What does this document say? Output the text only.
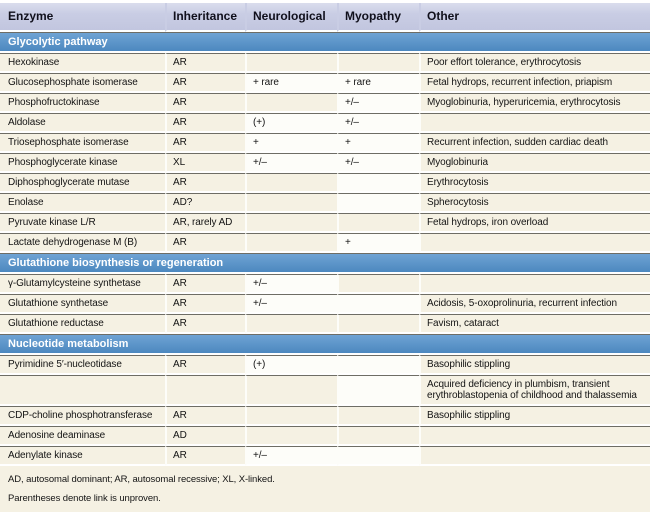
Enzyme	Inheritance	Neurological	Myopathy	Other
Glycolytic pathway				
Hexokinase	AR			Poor effort tolerance, erythrocytosis
Glucosephosphate isomerase	AR	+ rare	+ rare	Fetal hydrops, recurrent infection, priapism
Phosphofructokinase	AR		+/–	Myoglobinuria, hyperuricemia, erythrocytosis
Aldolase	AR	(+)	+/–	
Triosephosphate isomerase	AR	+	+	Recurrent infection, sudden cardiac death
Phosphoglycerate kinase	XL	+/–	+/–	Myoglobinuria
Diphosphoglycerate mutase	AR			Erythrocytosis
Enolase	AD?			Spherocytosis
Pyruvate kinase L/R	AR, rarely AD			Fetal hydrops, iron overload
Lactate dehydrogenase M (B)	AR		+	
Glutathione biosynthesis or regeneration				
γ-Glutamylcysteine synthetase	AR	+/–		
Glutathione synthetase	AR	+/–		Acidosis, 5-oxoprolinuria, recurrent infection
Glutathione reductase	AR			Favism, cataract
Nucleotide metabolism				
Pyrimidine 5′-nucleotidase	AR	(+)		Basophilic stippling
				Acquired deficiency in plumbism, transient erythroblastopenia of childhood and thalassemia
CDP-choline phosphotransferase	AR			Basophilic stippling
Adenosine deaminase	AD			
Adenylate kinase	AR	+/–		
AD, autosomal dominant; AR, autosomal recessive; XL, X-linked.
Parentheses denote link is unproven.
